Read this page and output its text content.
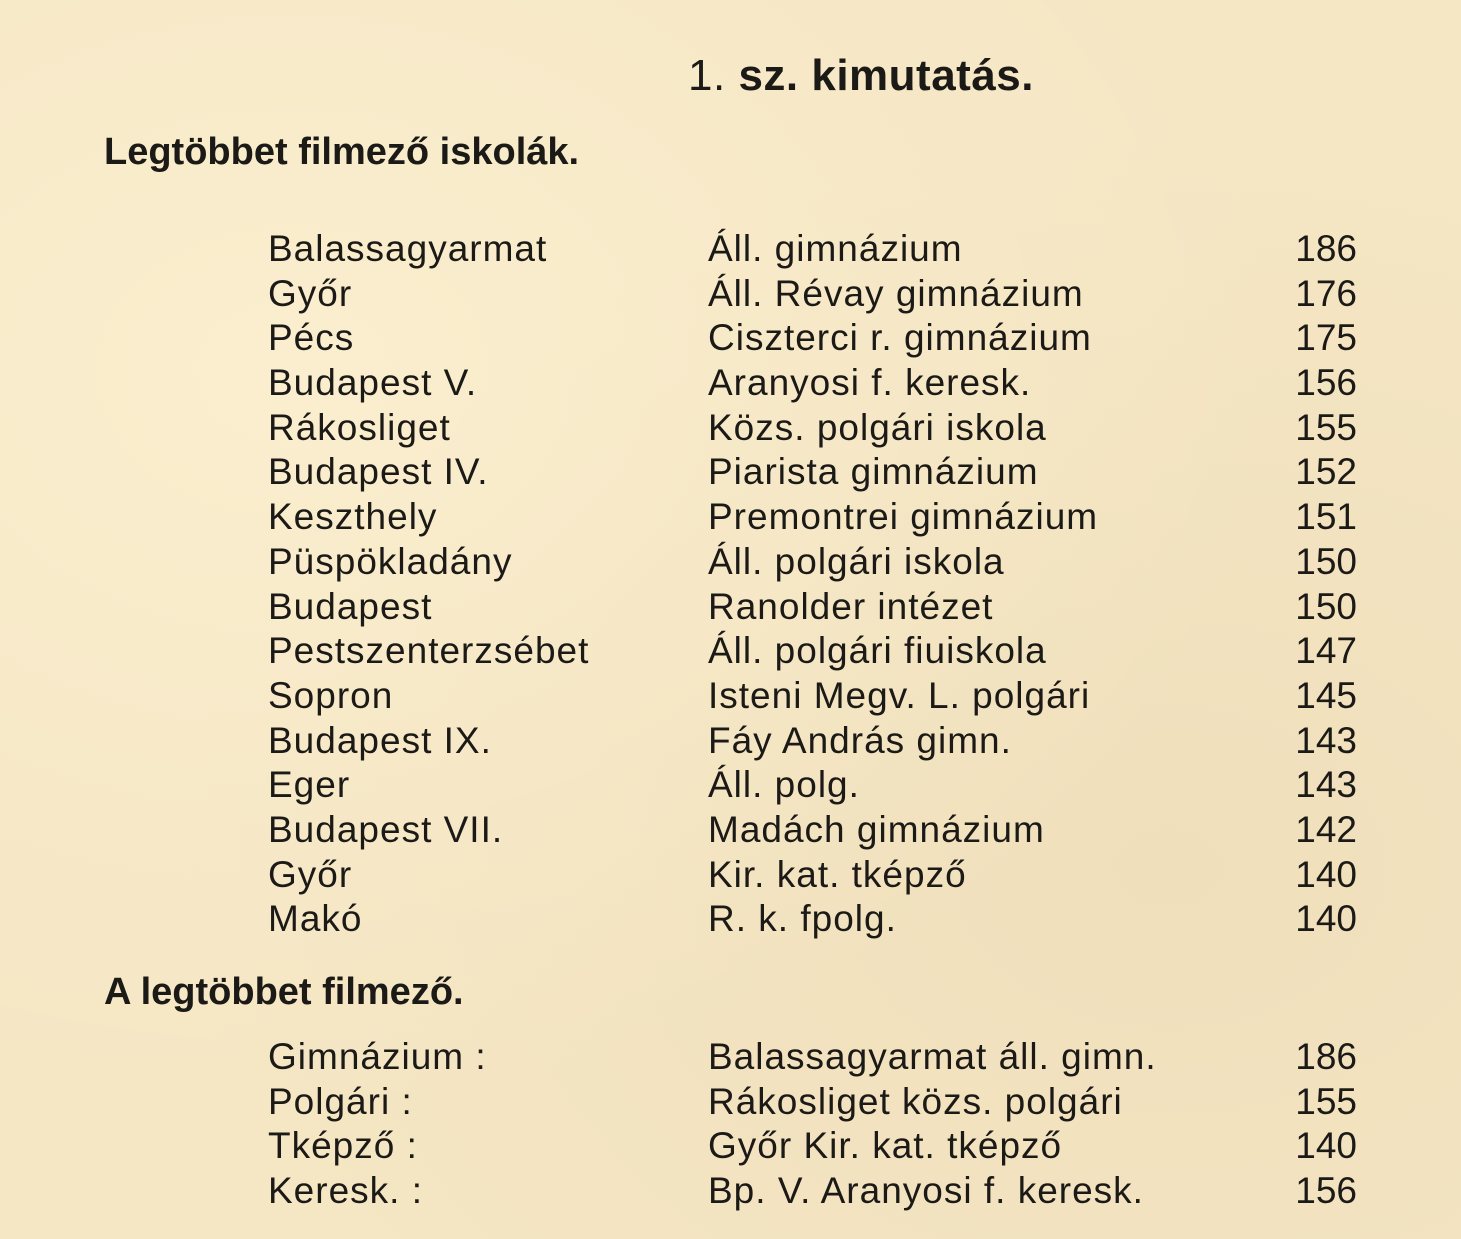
1. sz. kimutatás.
Legtöbbet filmező iskolák.
Balassagyarmat	Áll. gimnázium	186
Győr	Áll. Révay gimnázium	176
Pécs	Ciszterci r. gimnázium	175
Budapest V.	Aranyosi f. keresk.	156
Rákosliget	Közs. polgári iskola	155
Budapest IV.	Piarista gimnázium	152
Keszthely	Premontrei gimnázium	151
Püspökladány	Áll. polgári iskola	150
Budapest	Ranolder intézet	150
Pestszenterzsébet	Áll. polgári fiuiskola	147
Sopron	Isteni Megv. L. polgári	145
Budapest IX.	Fáy András gimn.	143
Eger	Áll. polg.	143
Budapest VII.	Madách gimnázium	142
Győr	Kir. kat. tképző	140
Makó	R. k. fpolg.	140
A legtöbbet filmező.
Gimnázium :	Balassagyarmat áll. gimn.	186
Polgári :	Rákosliget közs. polgári	155
Tképző :	Győr Kir. kat. tképző	140
Keresk. :	Bp. V. Aranyosi f. keresk.	156
